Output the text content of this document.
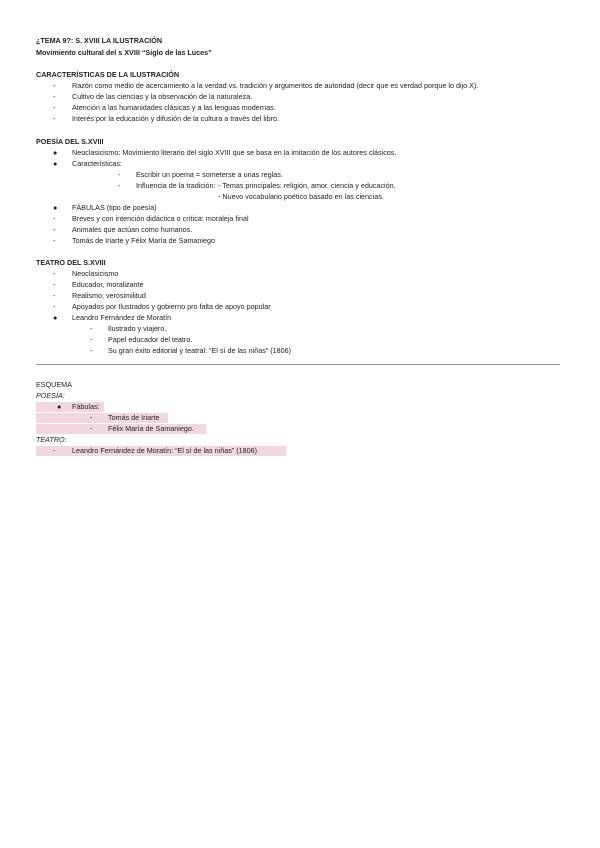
¿TEMA 9?: S. XVIII LA ILUSTRACIÓN
Movimiento cultural del s XVIII “Siglo de las Luces”
CARACTERÍSTICAS DE LA ILUSTRACIÓN
- Razón como medio de acercamiento a la verdad vs. tradición y argumentos de autoridad (decir que es verdad porque lo dijo X).
- Cultivo de las ciencias y la observación de la naturaleza.
- Atención a las humanidades clásicas y a las lenguas modernas.
- Interés por la educación y difusión de la cultura a través del libro.
POESÍA DEL S.XVIII
● Neoclasicismo: Movimiento literario del siglo XVIII que se basa en la imitación de los autores clásicos.
● Características:
- Escribir un poema = someterse a unas reglas.
- Influencia de la tradición: - Temas principales: religión, amor, ciencia y educación.
- Nuevo vocabulario poético basado en las ciencias.
● FÁBULAS (tipo de poesía)
- Breves y con intención didáctica o crítica: moraleja final
- Animales que actúan como humanos.
- Tomás de Iriarte y Félix María de Samaniego
TEATRO DEL S.XVIII
- Neoclasicismo
- Educador, moralizante
- Realismo, verosimilitud
- Apoyados por Ilustrados y gobierno pro falta de apoyo popular
● Leandro Fernández de Moratín
- Ilustrado y viajero.
- Papel educador del teatro.
- Su gran éxito editorial y teatral: “El sí de las niñas” (1806)
ESQUEMA
POESÍA:
● Fábulas:
- Tomás de Iriarte
- Félix María de Samaniego.
TEATRO:
- Leandro Fernández de Moratín: “El sí de las niñas” (1806)
